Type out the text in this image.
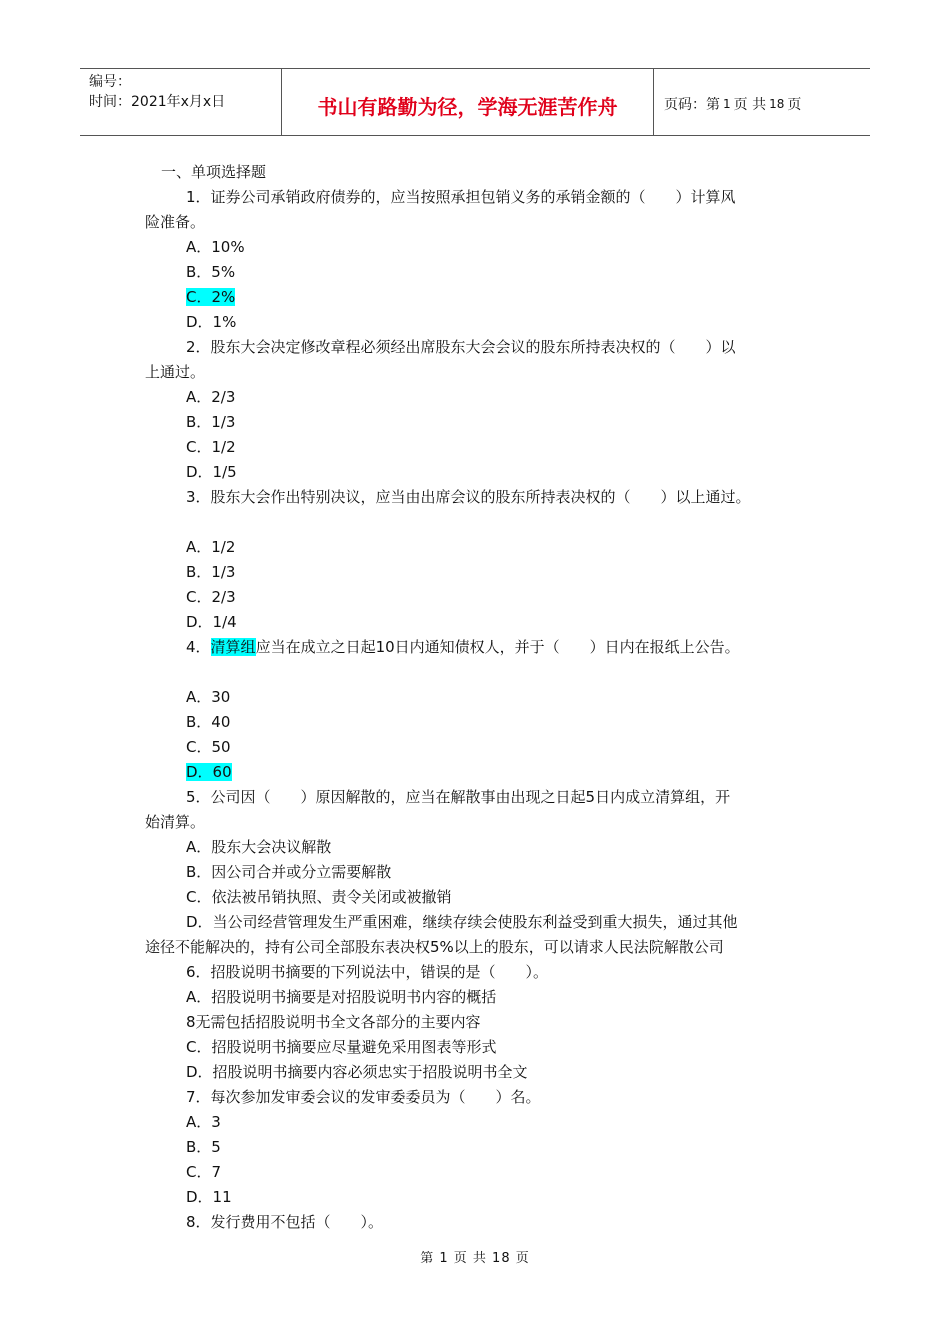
编号：
时间：2021年x月x日	书山有路勤为径，学海无涯苦作舟	页码：第 1 页 共 18 页
一、单项选择题
1．证券公司承销政府债券的，应当按照承担包销义务的承销金额的（　　）计算风
险准备。
A．10%
B．5%
C．2%
D．1%
2．股东大会决定修改章程必须经出席股东大会会议的股东所持表决权的（　　）以
上通过。
A．2/3
B．1/3
C．1/2
D．1/5
3．股东大会作出特别决议，应当由出席会议的股东所持表决权的（　　）以上通过。
A．1/2
B．1/3
C．2/3
D．1/4
4．清算组应当在成立之日起10日内通知债权人，并于（　　）日内在报纸上公告。
A．30
B．40
C．50
D．60
5．公司因（　　）原因解散的，应当在解散事由出现之日起5日内成立清算组，开
始清算。
A．股东大会决议解散
B．因公司合并或分立需要解散
C．依法被吊销执照、责令关闭或被撤销
D．当公司经营管理发生严重困难，继续存续会使股东利益受到重大损失，通过其他
途径不能解决的，持有公司全部股东表决权5%以上的股东，可以请求人民法院解散公司
6．招股说明书摘要的下列说法中，错误的是（　　）。
A．招股说明书摘要是对招股说明书内容的概括
8无需包括招股说明书全文各部分的主要内容
C．招股说明书摘要应尽量避免采用图表等形式
D．招股说明书摘要内容必须忠实于招股说明书全文
7．每次参加发审委会议的发审委委员为（　　）名。
A．3
B．5
C．7
D．11
8．发行费用不包括（　　）。
第 1 页 共 18 页
